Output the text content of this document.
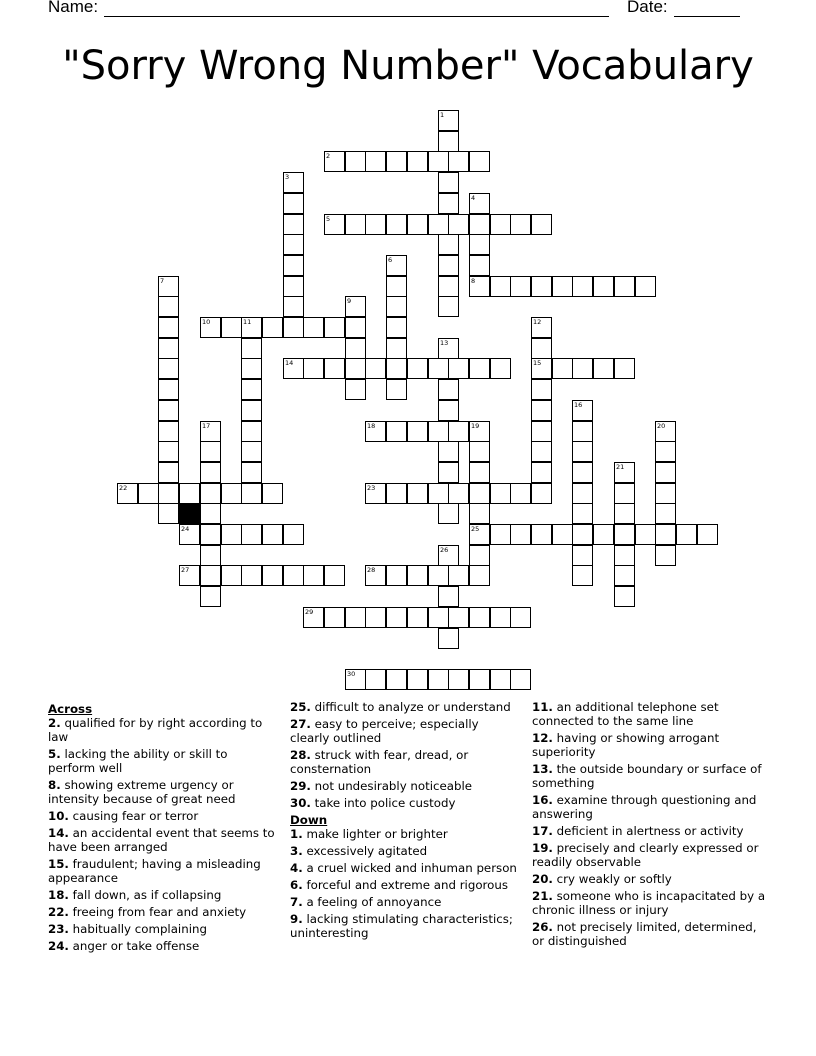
Name:	Date:
"Sorry Wrong Number" Vocabulary
1
2
3
4
8
5
6
7
9
10	11	12
15
13
14
16
17	18	19
25
20
21
22	23
24
26
27	28
29
30
Across
2. qualified for by right according to law
5. lacking the ability or skill to perform well
8. showing extreme urgency or intensity because of great need
10. causing fear or terror
14. an accidental event that seems to have been arranged
15. fraudulent; having a misleading appearance
18. fall down, as if collapsing
22. freeing from fear and anxiety
23. habitually complaining
24. anger or take offense
25. difficult to analyze or understand
27. easy to perceive; especially clearly outlined
28. struck with fear, dread, or consternation
29. not undesirably noticeable
30. take into police custody
Down
1. make lighter or brighter
3. excessively agitated
4. a cruel wicked and inhuman person
6. forceful and extreme and rigorous
7. a feeling of annoyance
9. lacking stimulating characteristics; uninteresting
11. an additional telephone set connected to the same line
12. having or showing arrogant superiority
13. the outside boundary or surface of something
16. examine through questioning and answering
17. deficient in alertness or activity
19. precisely and clearly expressed or readily observable
20. cry weakly or softly
21. someone who is incapacitated by a chronic illness or injury
26. not precisely limited, determined, or distinguished
